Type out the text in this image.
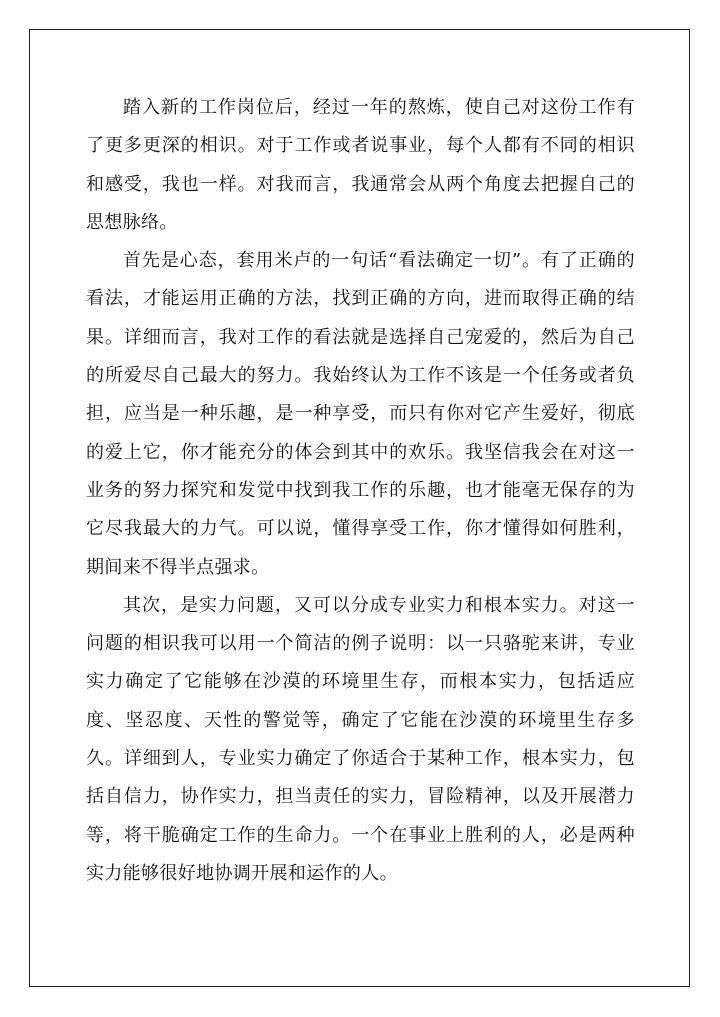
踏入新的工作岗位后，经过一年的熬炼，使自己对这份工作有了更多更深的相识。对于工作或者说事业，每个人都有不同的相识和感受，我也一样。对我而言，我通常会从两个角度去把握自己的思想脉络。

首先是心态，套用米卢的一句话“看法确定一切”。有了正确的看法，才能运用正确的方法，找到正确的方向，进而取得正确的结果。详细而言，我对工作的看法就是选择自己宠爱的，然后为自己的所爱尽自己最大的努力。我始终认为工作不该是一个任务或者负担，应当是一种乐趣，是一种享受，而只有你对它产生爱好，彻底的爱上它，你才能充分的体会到其中的欢乐。我坚信我会在对这一业务的努力探究和发觉中找到我工作的乐趣，也才能毫无保存的为它尽我最大的力气。可以说，懂得享受工作，你才懂得如何胜利，期间来不得半点强求。

其次，是实力问题，又可以分成专业实力和根本实力。对这一问题的相识我可以用一个简洁的例子说明：以一只骆驼来讲，专业实力确定了它能够在沙漠的环境里生存，而根本实力，包括适应度、坚忍度、天性的警觉等，确定了它能在沙漠的环境里生存多久。详细到人，专业实力确定了你适合于某种工作，根本实力，包括自信力，协作实力，担当责任的实力，冒险精神，以及开展潜力等，将干脆确定工作的生命力。一个在事业上胜利的人，必是两种实力能够很好地协调开展和运作的人。
